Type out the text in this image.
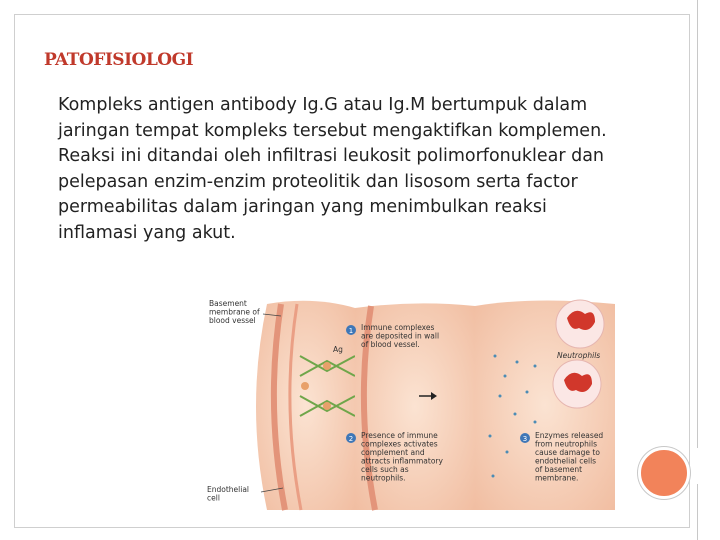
PATOFISIOLOGI
Kompleks antigen antibody Ig.G atau Ig.M bertumpuk dalam jaringan tempat kompleks tersebut mengaktifkan komplemen. Reaksi ini ditandai oleh infiltrasi leukosit polimorfonuklear dan pelepasan enzim-enzim proteolitik dan lisosom serta factor permeabilitas dalam jaringan yang menimbulkan reaksi inflamasi yang akut.
Basement membrane of blood vessel
Ag
Endothelial cell
Neutrophils
1 Immune complexes are deposited in wall of blood vessel.
2 Presence of immune complexes activates complement and attracts inflammatory cells such as neutrophils.
3 Enzymes released from neutrophils cause damage to endothelial cells of basement membrane.
